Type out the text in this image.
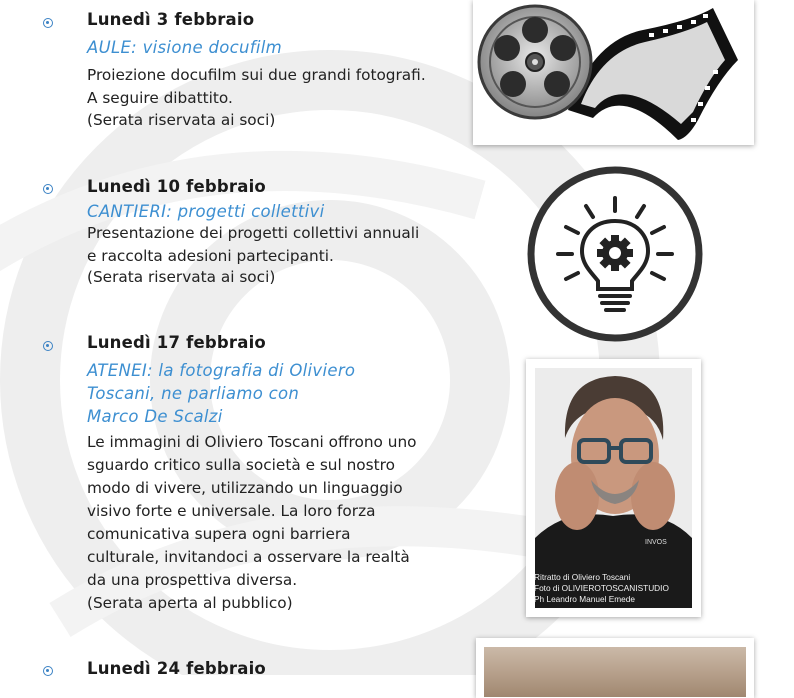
Lunedì 3 febbraio
AULE: visione docufilm
Proiezione docufilm sui due grandi fotografi.
A seguire dibattito.
(Serata riservata ai soci)
Lunedì 10 febbraio
CANTIERI: progetti collettivi
Presentazione dei progetti collettivi annuali
e raccolta adesioni partecipanti.
(Serata riservata ai soci)
Lunedì 17 febbraio
ATENEI: la fotografia di Oliviero
Toscani, ne parliamo con
Marco De Scalzi
Le immagini di Oliviero Toscani offrono uno
sguardo critico sulla società e sul nostro
modo di vivere, utilizzando un linguaggio
visivo forte e universale. La loro forza
comunicativa supera ogni barriera
culturale, invitandoci a osservare la realtà
da una prospettiva diversa.
(Serata aperta al pubblico)
Lunedì 24 febbraio
INVOS
Ritratto di Oliviero Toscani
Foto di OLIVIEROTOSCANISTUDIO
Ph Leandro Manuel Emede
